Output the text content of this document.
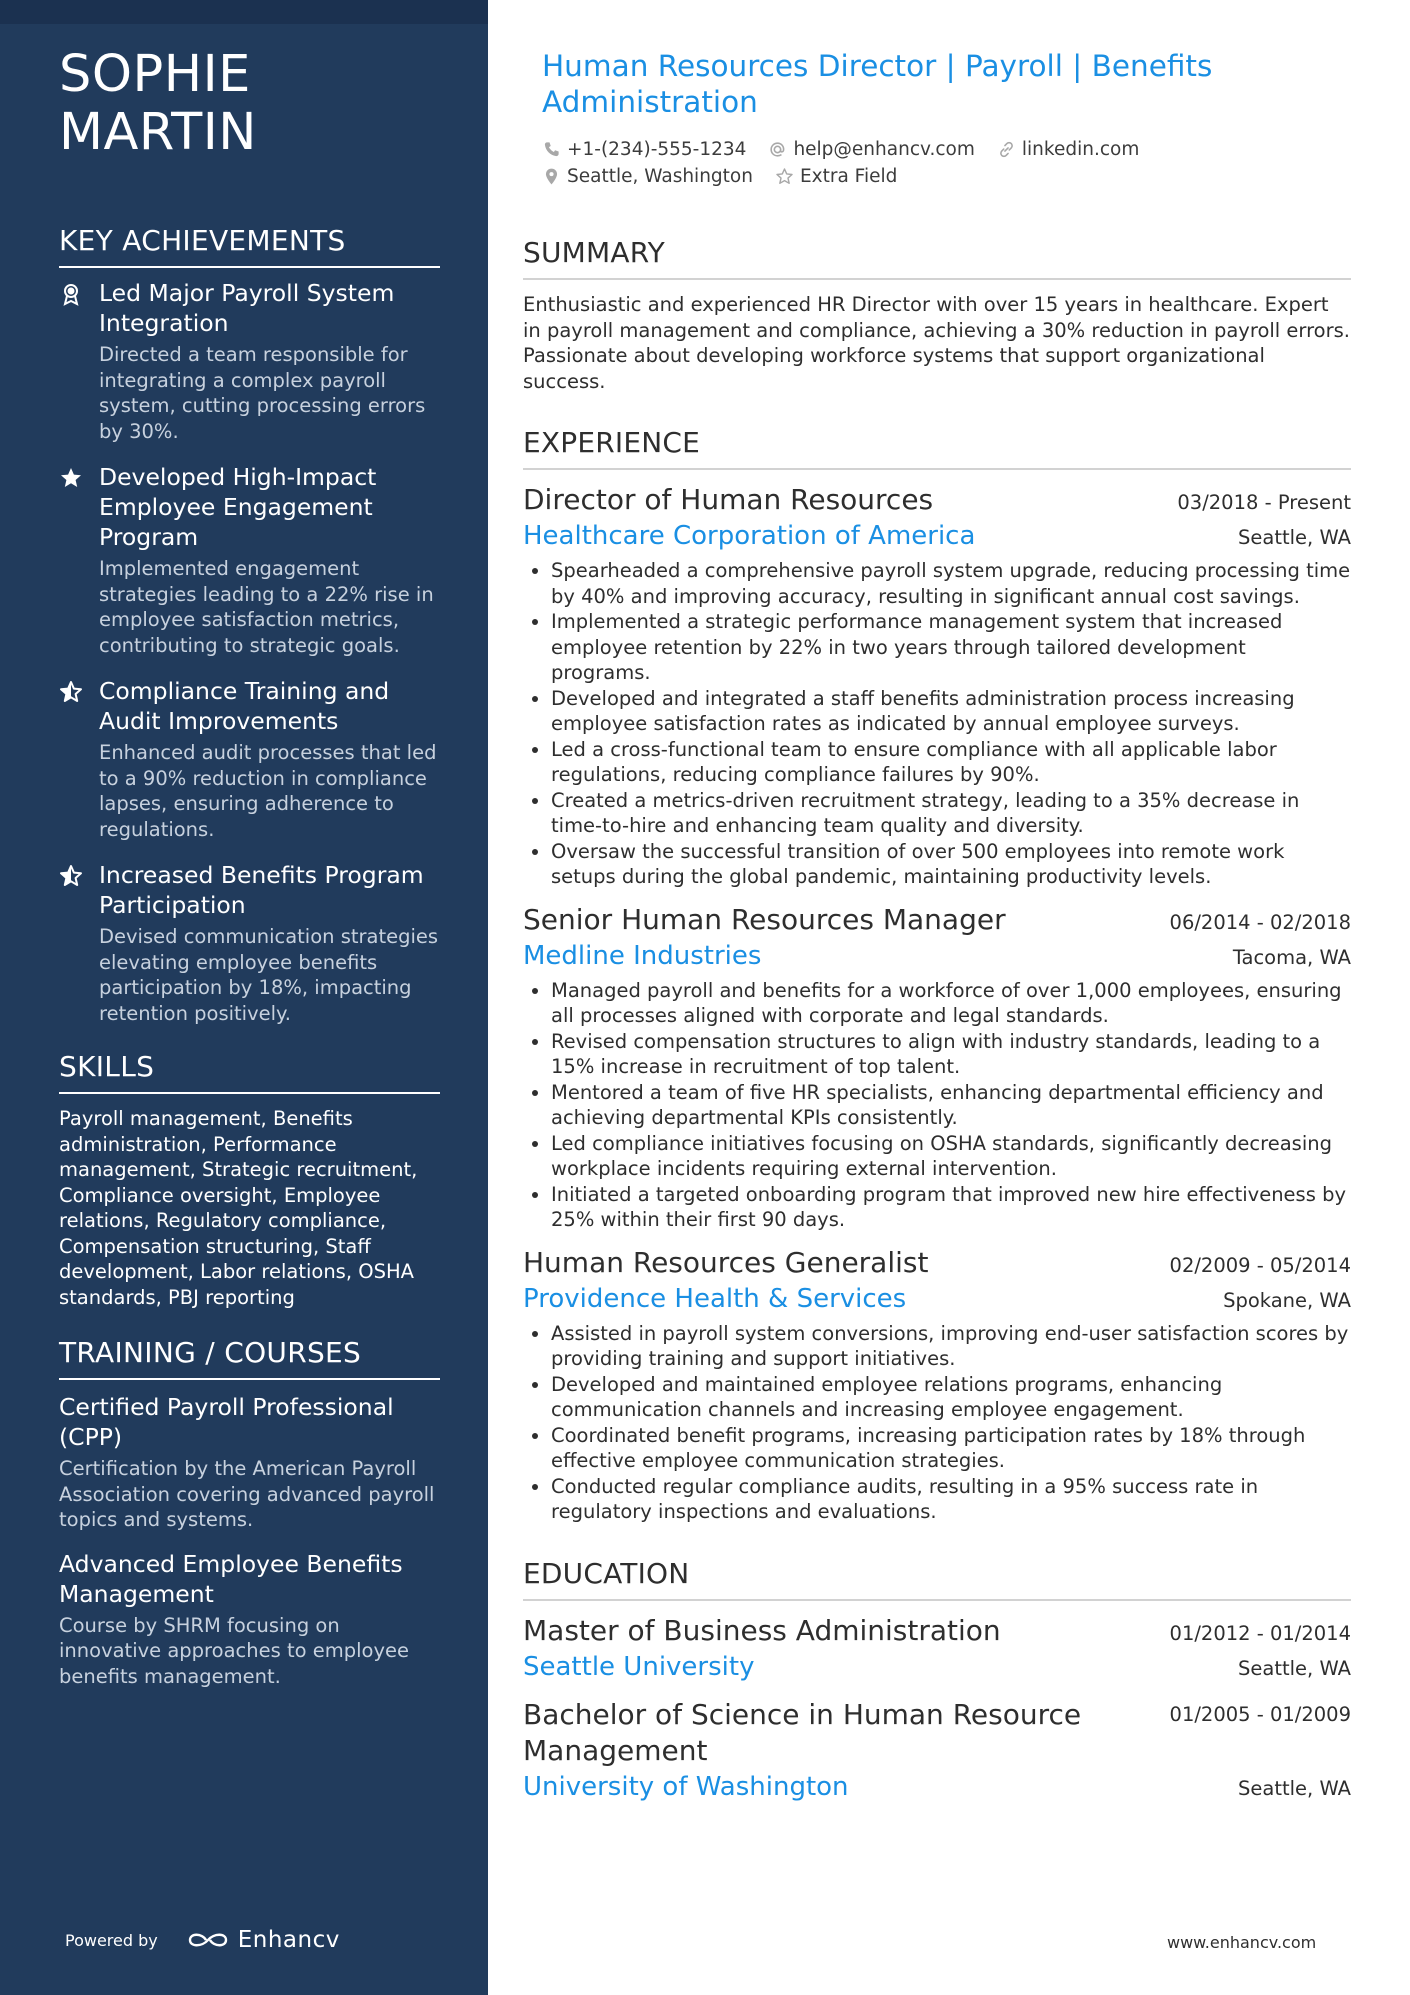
SOPHIE
MARTIN
KEY ACHIEVEMENTS
Led Major Payroll System Integration
Directed a team responsible for integrating a complex payroll system, cutting processing errors by 30%.
Developed High-Impact Employee Engagement Program
Implemented engagement strategies leading to a 22% rise in employee satisfaction metrics, contributing to strategic goals.
Compliance Training and Audit Improvements
Enhanced audit processes that led to a 90% reduction in compliance lapses, ensuring adherence to regulations.
Increased Benefits Program Participation
Devised communication strategies elevating employee benefits participation by 18%, impacting retention positively.
SKILLS
Payroll management, Benefits administration, Performance management, Strategic recruitment, Compliance oversight, Employee relations, Regulatory compliance, Compensation structuring, Staff development, Labor relations, OSHA standards, PBJ reporting
TRAINING / COURSES
Certified Payroll Professional (CPP)
Certification by the American Payroll Association covering advanced payroll topics and systems.
Advanced Employee Benefits Management
Course by SHRM focusing on innovative approaches to employee benefits management.
Powered by	Enhancv
Human Resources Director | Payroll | Benefits Administration
+1-(234)-555-1234	help@enhancv.com	linkedin.com
Seattle, Washington	Extra Field
SUMMARY
Enthusiastic and experienced HR Director with over 15 years in healthcare. Expert in payroll management and compliance, achieving a 30% reduction in payroll errors. Passionate about developing workforce systems that support organizational success.
EXPERIENCE
Director of Human Resources	03/2018 - Present
Healthcare Corporation of America	Seattle, WA
• Spearheaded a comprehensive payroll system upgrade, reducing processing time by 40% and improving accuracy, resulting in significant annual cost savings.
• Implemented a strategic performance management system that increased employee retention by 22% in two years through tailored development programs.
• Developed and integrated a staff benefits administration process increasing employee satisfaction rates as indicated by annual employee surveys.
• Led a cross-functional team to ensure compliance with all applicable labor regulations, reducing compliance failures by 90%.
• Created a metrics-driven recruitment strategy, leading to a 35% decrease in time-to-hire and enhancing team quality and diversity.
• Oversaw the successful transition of over 500 employees into remote work setups during the global pandemic, maintaining productivity levels.
Senior Human Resources Manager	06/2014 - 02/2018
Medline Industries	Tacoma, WA
• Managed payroll and benefits for a workforce of over 1,000 employees, ensuring all processes aligned with corporate and legal standards.
• Revised compensation structures to align with industry standards, leading to a 15% increase in recruitment of top talent.
• Mentored a team of five HR specialists, enhancing departmental efficiency and achieving departmental KPIs consistently.
• Led compliance initiatives focusing on OSHA standards, significantly decreasing workplace incidents requiring external intervention.
• Initiated a targeted onboarding program that improved new hire effectiveness by 25% within their first 90 days.
Human Resources Generalist	02/2009 - 05/2014
Providence Health & Services	Spokane, WA
• Assisted in payroll system conversions, improving end-user satisfaction scores by providing training and support initiatives.
• Developed and maintained employee relations programs, enhancing communication channels and increasing employee engagement.
• Coordinated benefit programs, increasing participation rates by 18% through effective employee communication strategies.
• Conducted regular compliance audits, resulting in a 95% success rate in regulatory inspections and evaluations.
EDUCATION
Master of Business Administration	01/2012 - 01/2014
Seattle University	Seattle, WA
Bachelor of Science in Human Resource Management
01/2005 - 01/2009
University of Washington	Seattle, WA
www.enhancv.com
